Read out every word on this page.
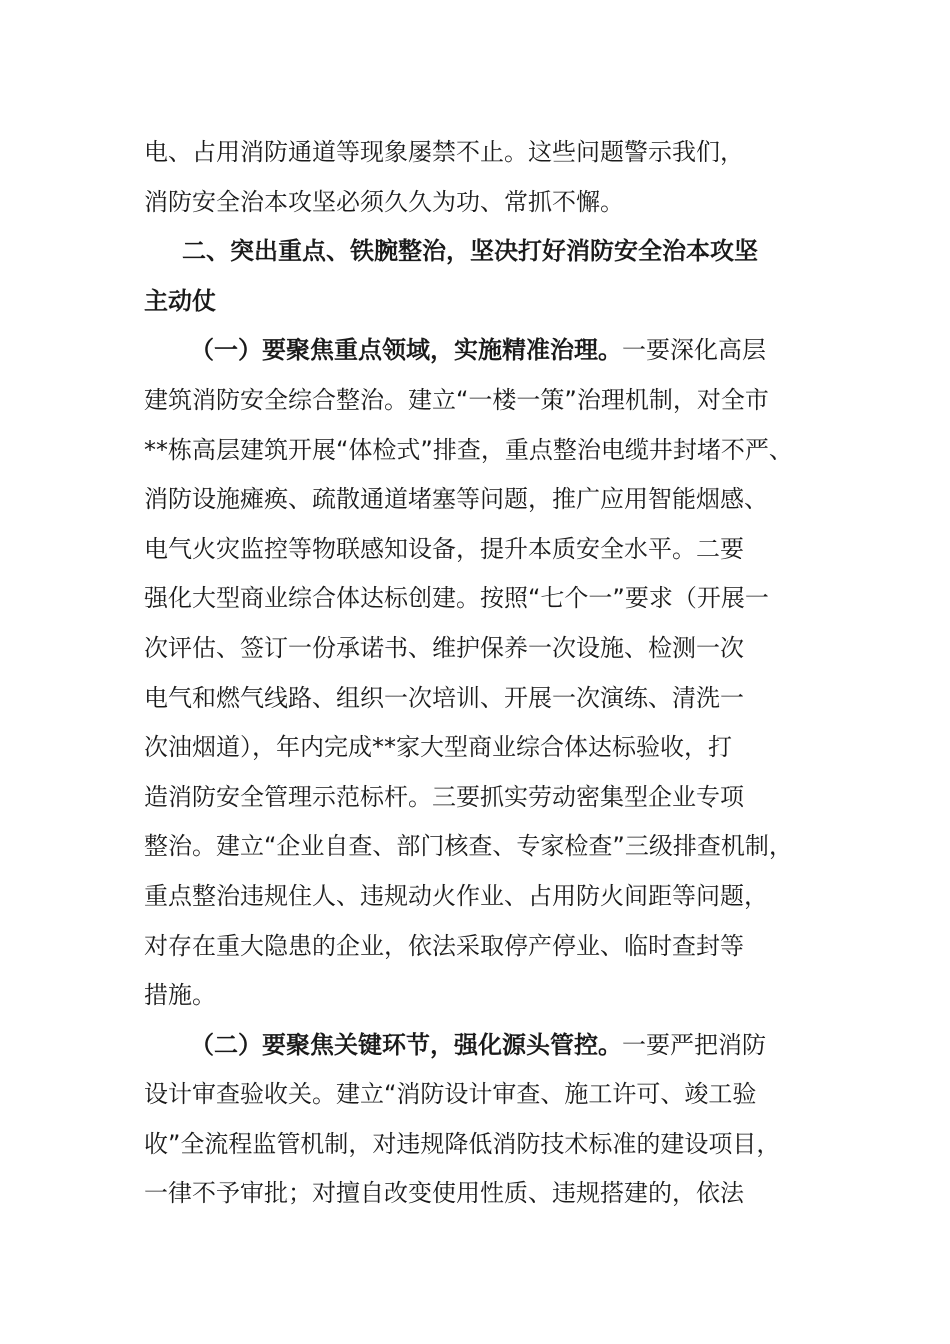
电、占用消防通道等现象屡禁不止。这些问题警示我们，
消防安全治本攻坚必须久久为功、常抓不懈。
二、突出重点、铁腕整治，坚决打好消防安全治本攻坚
主动仗
（一）要聚焦重点领域，实施精准治理。一要深化高层
建筑消防安全综合整治。建立“一楼一策”治理机制，对全市
**栋高层建筑开展“体检式”排查，重点整治电缆井封堵不严、
消防设施瘫痪、疏散通道堵塞等问题，推广应用智能烟感、
电气火灾监控等物联感知设备，提升本质安全水平。二要
强化大型商业综合体达标创建。按照“七个一”要求（开展一
次评估、签订一份承诺书、维护保养一次设施、检测一次
电气和燃气线路、组织一次培训、开展一次演练、清洗一
次油烟道），年内完成**家大型商业综合体达标验收，打
造消防安全管理示范标杆。三要抓实劳动密集型企业专项
整治。建立“企业自查、部门核查、专家检查”三级排查机制，
重点整治违规住人、违规动火作业、占用防火间距等问题，
对存在重大隐患的企业，依法采取停产停业、临时查封等
措施。
（二）要聚焦关键环节，强化源头管控。一要严把消防
设计审查验收关。建立“消防设计审查、施工许可、竣工验
收”全流程监管机制，对违规降低消防技术标准的建设项目，
一律不予审批；对擅自改变使用性质、违规搭建的，依法
